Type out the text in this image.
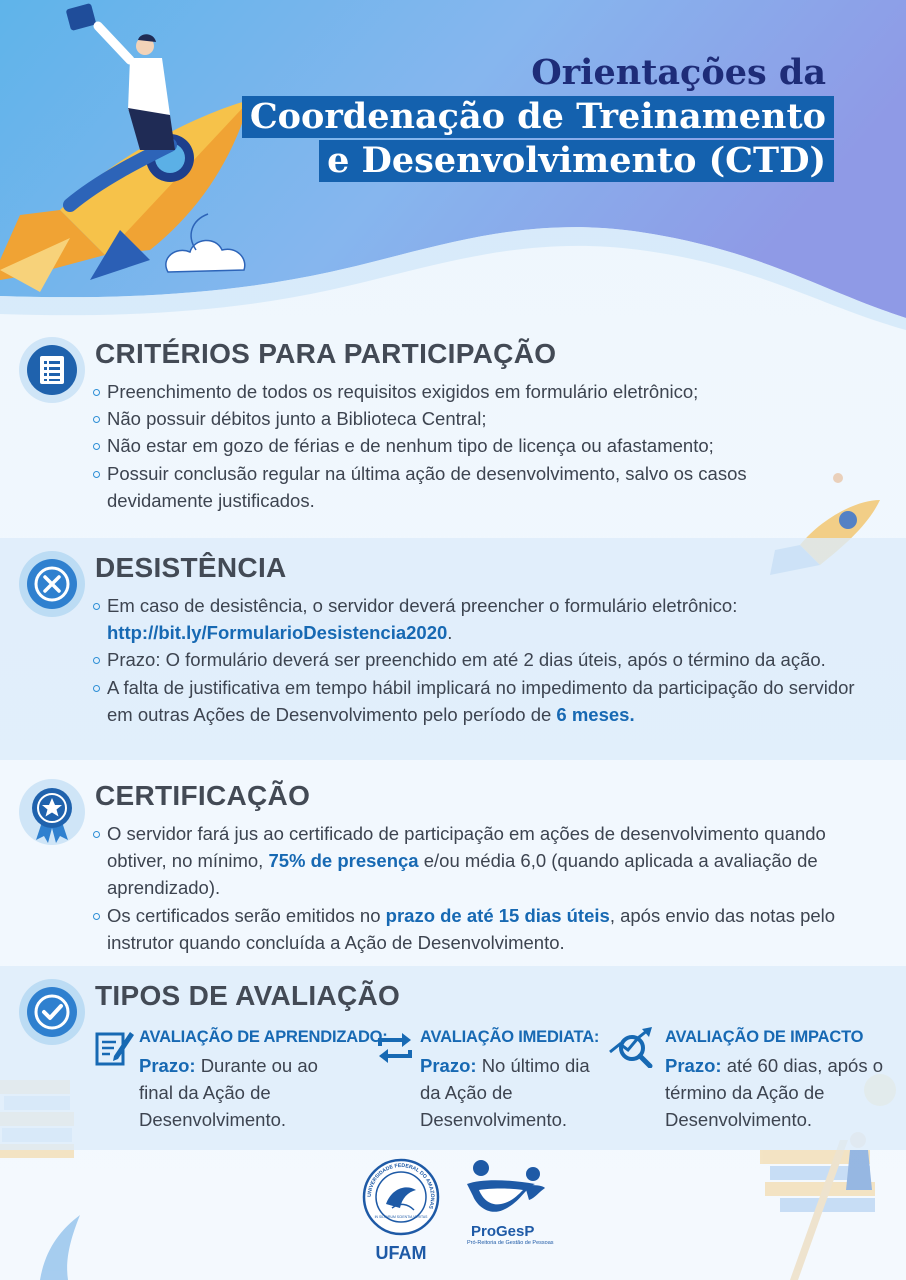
Orientações da
Coordenação de Treinamento
e Desenvolvimento (CTD)
CRITÉRIOS PARA PARTICIPAÇÃO
Preenchimento de todos os requisitos exigidos em formulário eletrônico;
Não possuir débitos junto a Biblioteca Central;
Não estar em gozo de férias e de nenhum tipo de licença ou afastamento;
Possuir conclusão regular na última ação de desenvolvimento, salvo os casos devidamente justificados.
DESISTÊNCIA
Em caso de desistência, o servidor deverá preencher o formulário eletrônico:
http://bit.ly/FormularioDesistencia2020.
Prazo: O formulário deverá ser preenchido em até 2 dias úteis, após o término da ação.
A falta de justificativa em tempo hábil implicará no impedimento da participação do servidor em outras Ações de Desenvolvimento pelo período de 6 meses.
CERTIFICAÇÃO
O servidor fará jus ao certificado de participação em ações de desenvolvimento quando obtiver, no mínimo, 75% de presença e/ou média 6,0 (quando aplicada a avaliação de aprendizado).
Os certificados serão emitidos no prazo de até 15 dias úteis, após envio das notas pelo instrutor quando concluída a Ação de Desenvolvimento.
TIPOS DE AVALIAÇÃO
AVALIAÇÃO DE APRENDIZADO:
Prazo: Durante ou ao final da Ação de Desenvolvimento.
AVALIAÇÃO IMEDIATA:
Prazo: No último dia da Ação de Desenvolvimento.
AVALIAÇÃO DE IMPACTO
Prazo: até 60 dias, após o término da Ação de Desenvolvimento.
UNIVERSIDADE FEDERAL DO AMAZONAS
IN SILVARUM SCIENTIA VERITAS
UFAM
ProGesP
Pró-Reitoria de Gestão de Pessoas
